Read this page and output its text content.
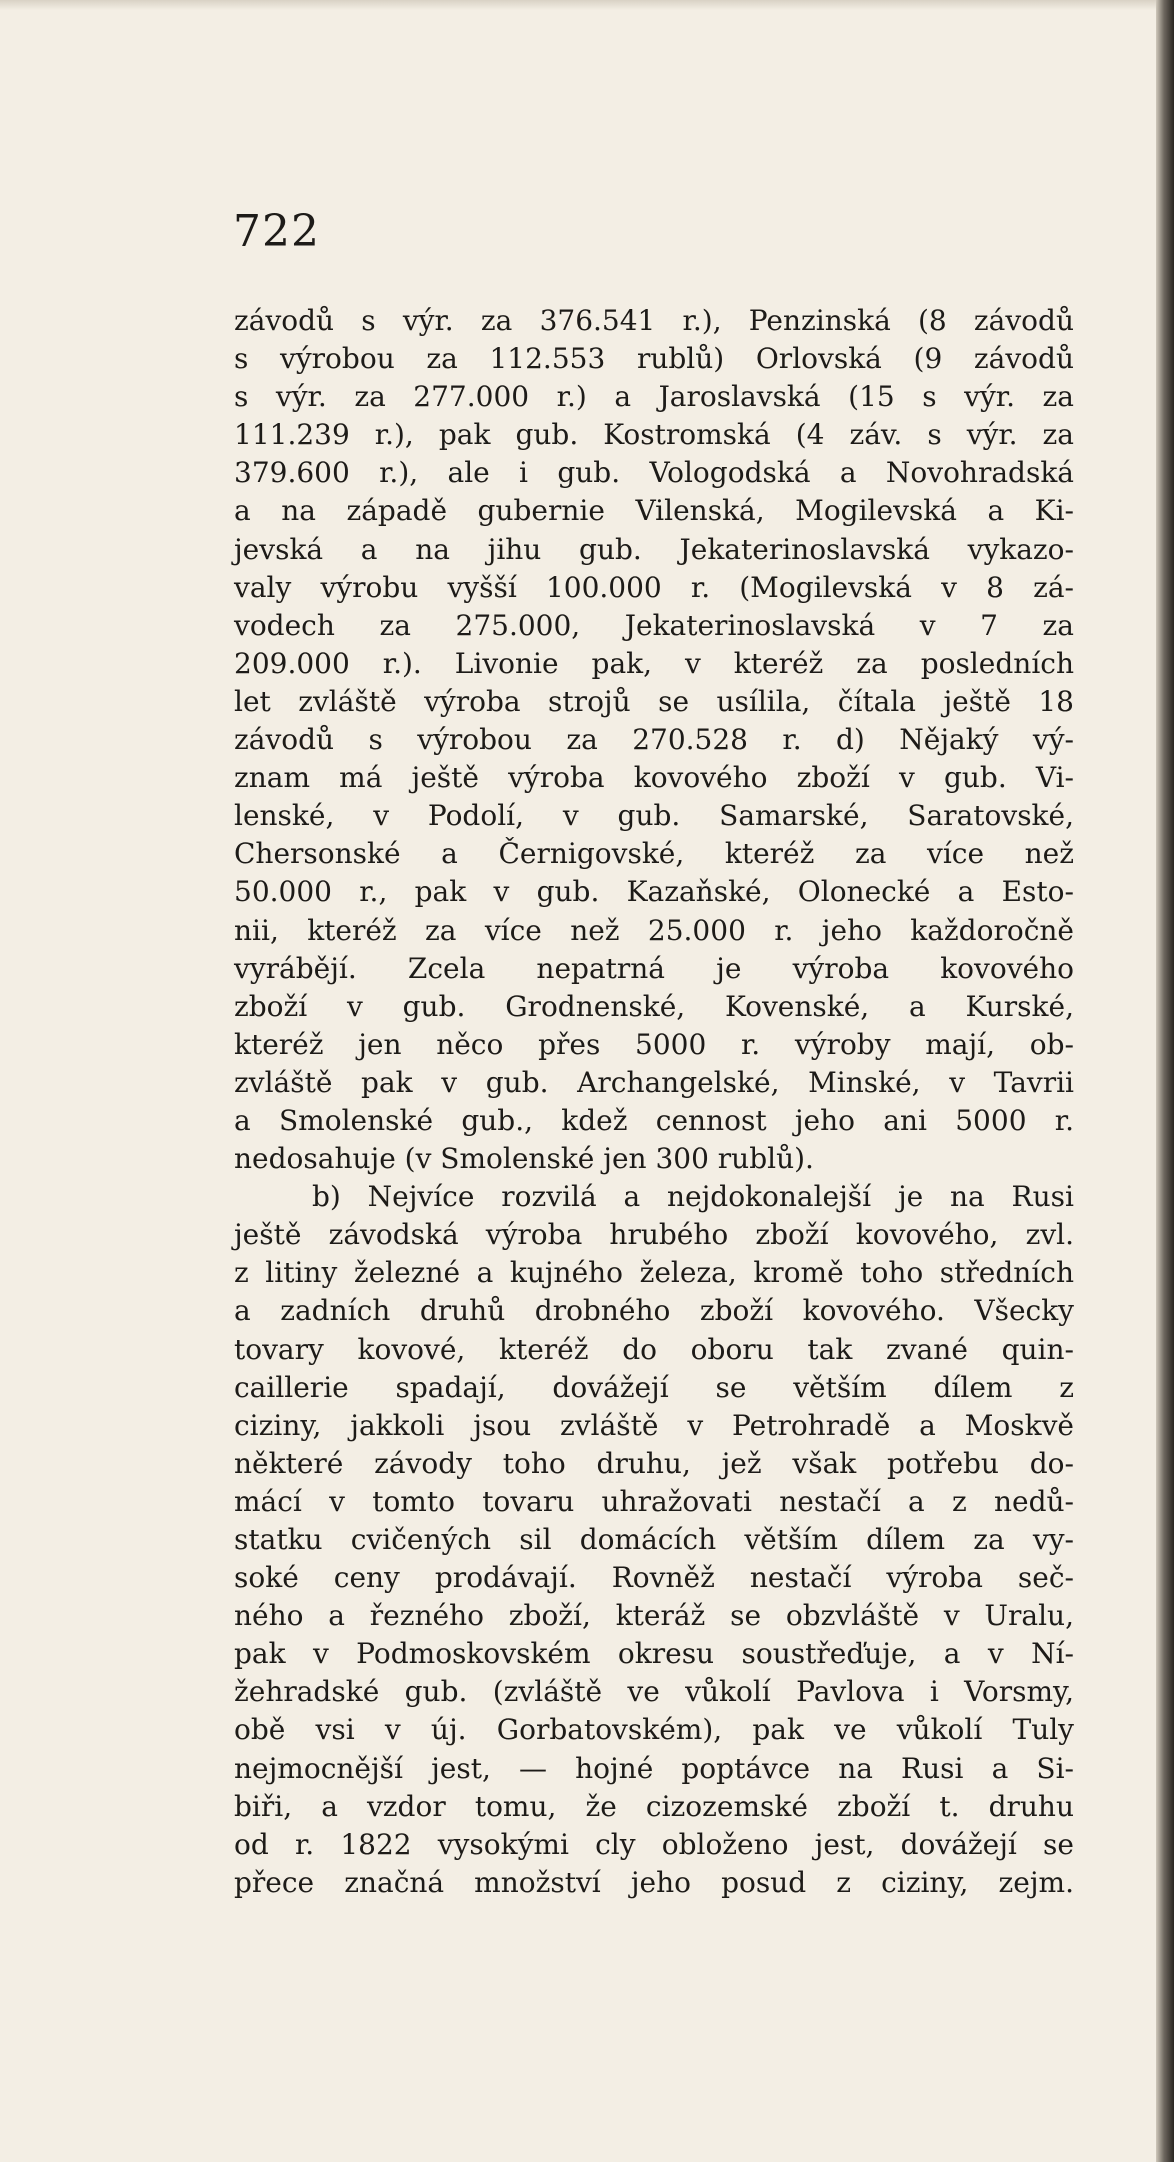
722
závodů s výr. za 376.541 r.), Penzinská (8 závodů
s výrobou za 112.553 rublů) Orlovská (9 závodů
s výr. za 277.000 r.) a Jaroslavská (15 s výr. za
111.239 r.), pak gub. Kostromská (4 záv. s výr. za
379.600 r.), ale i gub. Vologodská a Novohradská
a na západě gubernie Vilenská, Mogilevská a Ki-
jevská a na jihu gub. Jekaterinoslavská vykazo-
valy výrobu vyšší 100.000 r. (Mogilevská v 8 zá-
vodech za 275.000, Jekaterinoslavská v 7 za
209.000 r.). Livonie pak, v kteréž za posledních
let zvláště výroba strojů se usílila, čítala ještě 18
závodů s výrobou za 270.528 r. d) Nějaký vý-
znam má ještě výroba kovového zboží v gub. Vi-
lenské, v Podolí, v gub. Samarské, Saratovské,
Chersonské a Černigovské, kteréž za více než
50.000 r., pak v gub. Kazaňské, Olonecké a Esto-
nii, kteréž za více než 25.000 r. jeho každoročně
vyrábějí. Zcela nepatrná je výroba kovového
zboží v gub. Grodnenské, Kovenské, a Kurské,
kteréž jen něco přes 5000 r. výroby mají, ob-
zvláště pak v gub. Archangelské, Minské, v Tavrii
a Smolenské gub., kdež cennost jeho ani 5000 r.
nedosahuje (v Smolenské jen 300 rublů).
b) Nejvíce rozvilá a nejdokonalejší je na Rusi
ještě závodská výroba hrubého zboží kovového, zvl.
z litiny železné a kujného železa, kromě toho středních
a zadních druhů drobného zboží kovového. Všecky
tovary kovové, kteréž do oboru tak zvané quin-
caillerie spadají, dovážejí se větším dílem z
ciziny, jakkoli jsou zvláště v Petrohradě a Moskvě
některé závody toho druhu, jež však potřebu do-
mácí v tomto tovaru uhražovati nestačí a z nedů-
statku cvičených sil domácích větším dílem za vy-
soké ceny prodávají. Rovněž nestačí výroba seč-
ného a řezného zboží, kteráž se obzvláště v Uralu,
pak v Podmoskovském okresu soustřeďuje, a v Ní-
žehradské gub. (zvláště ve vůkolí Pavlova i Vorsmy,
obě vsi v új. Gorbatovském), pak ve vůkolí Tuly
nejmocnější jest, — hojné poptávce na Rusi a Si-
biři, a vzdor tomu, že cizozemské zboží t. druhu
od r. 1822 vysokými cly obloženo jest, dovážejí se
přece značná množství jeho posud z ciziny, zejm.
